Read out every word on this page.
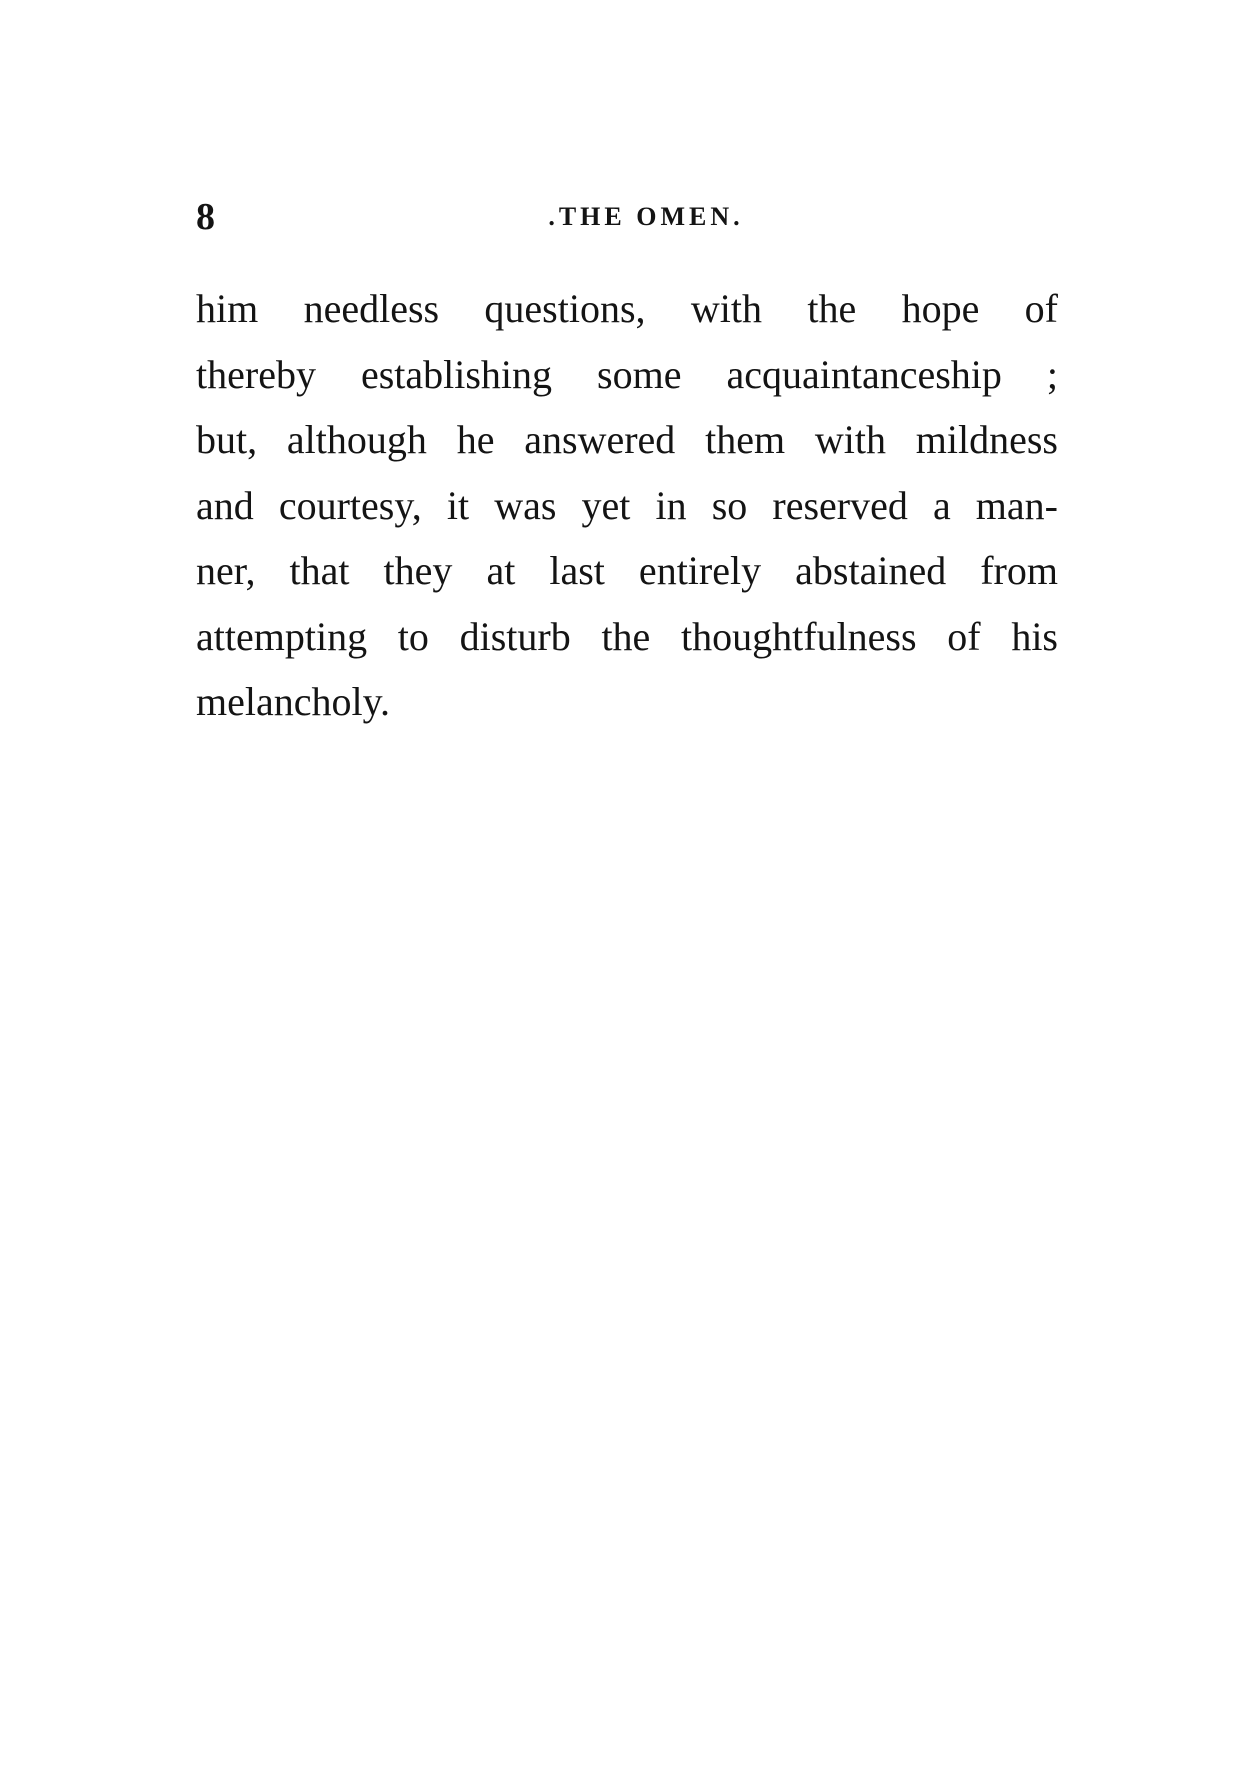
8	.THE OMEN.
him needless questions, with the hope of
thereby establishing some acquaintanceship ;
but, although he answered them with mildness
and courtesy, it was yet in so reserved a man-
ner, that they at last entirely abstained from
attempting to disturb the thoughtfulness of his
melancholy.
